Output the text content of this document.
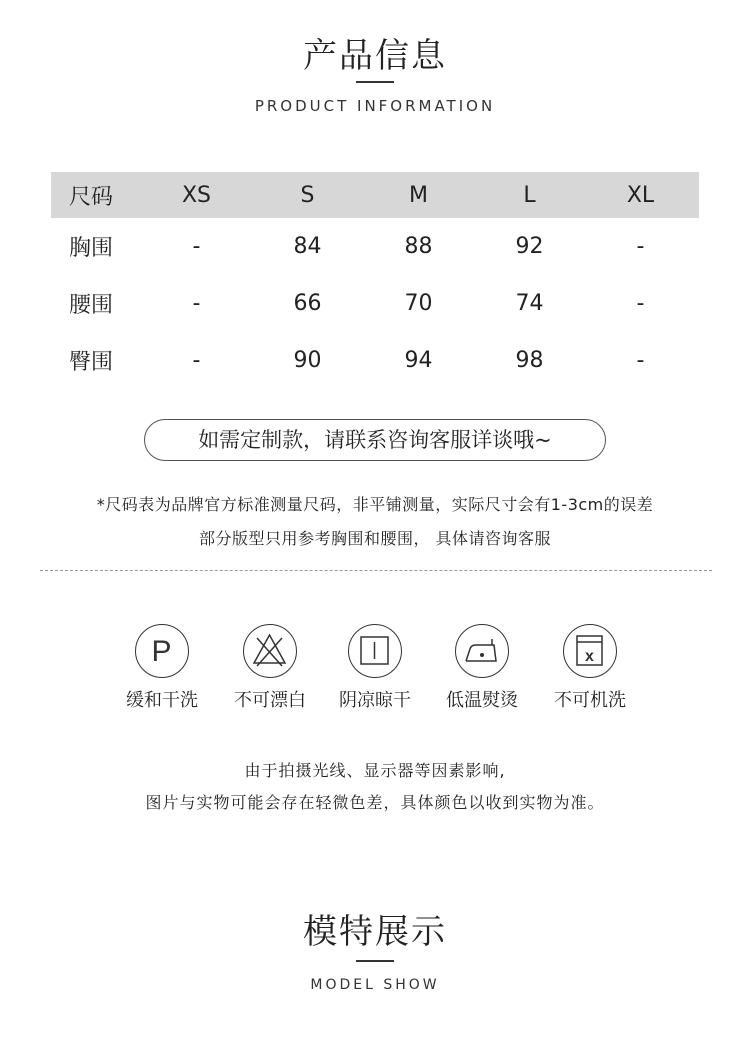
产品信息
PRODUCT INFORMATION
尺码	XS	S	M	L	XL
胸围	-	84	88	92	-
腰围	-	66	70	74	-
臀围	-	90	94	98	-
如需定制款，请联系咨询客服详谈哦~
*尺码表为品牌官方标准测量尺码，非平铺测量，实际尺寸会有1-3cm的误差
部分版型只用参考胸围和腰围， 具体请咨询客服
P
缓和干洗	不可漂白	阴凉晾干	低温熨烫
x
不可机洗
由于拍摄光线、显示器等因素影响,
图片与实物可能会存在轻微色差，具体颜色以收到实物为准。
模特展示
MODEL SHOW
